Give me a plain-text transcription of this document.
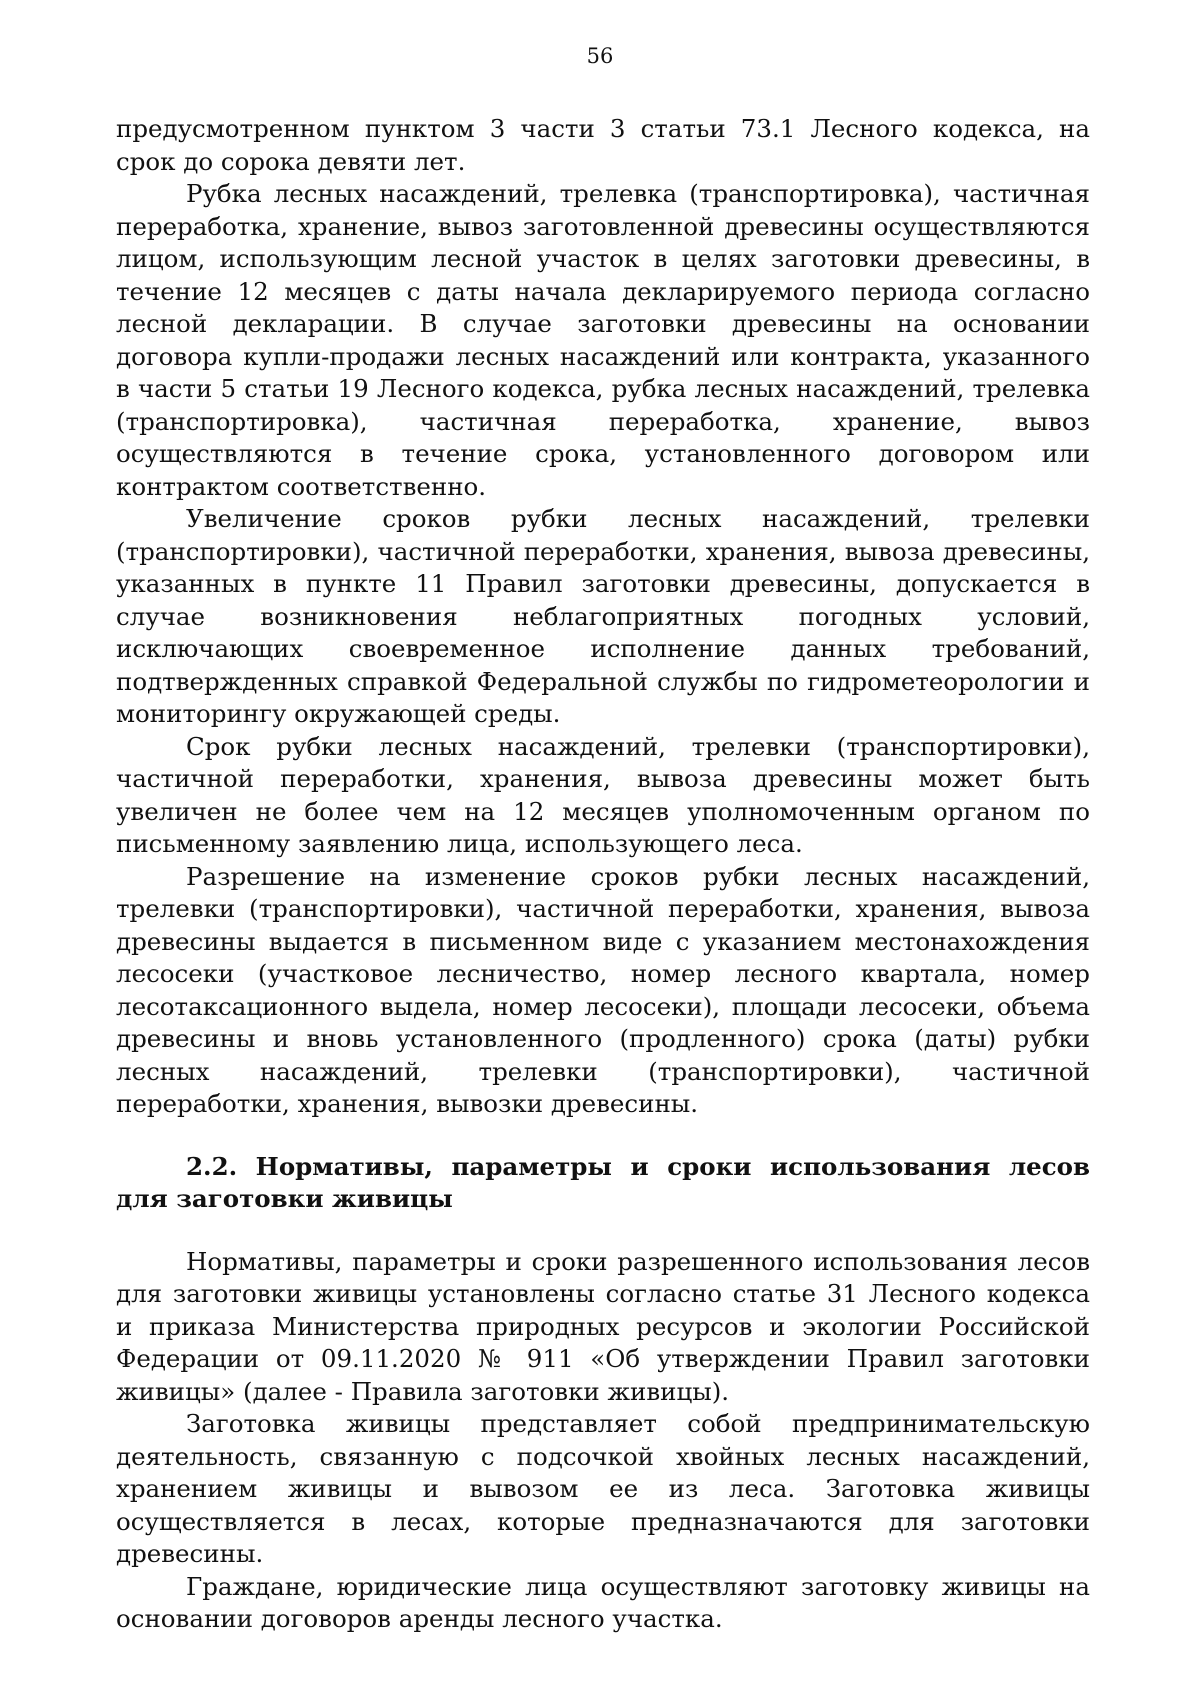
56

предусмотренном пунктом 3 части 3 статьи 73.1 Лесного кодекса, на срок до сорока девяти лет.

Рубка лесных насаждений, трелевка (транспортировка), частичная переработка, хранение, вывоз заготовленной древесины осуществляются лицом, использующим лесной участок в целях заготовки древесины, в течение 12 месяцев с даты начала декларируемого периода согласно лесной декларации. В случае заготовки древесины на основании договора купли-продажи лесных насаждений или контракта, указанного в части 5 статьи 19 Лесного кодекса, рубка лесных насаждений, трелевка (транспортировка), частичная переработка, хранение, вывоз осуществляются в течение срока, установленного договором или контрактом соответственно.

Увеличение сроков рубки лесных насаждений, трелевки (транспортировки), частичной переработки, хранения, вывоза древесины, указанных в пункте 11 Правил заготовки древесины, допускается в случае возникновения неблагоприятных погодных условий, исключающих своевременное исполнение данных требований, подтвержденных справкой Федеральной службы по гидрометеорологии и мониторингу окружающей среды.

Срок рубки лесных насаждений, трелевки (транспортировки), частичной переработки, хранения, вывоза древесины может быть увеличен не более чем на 12 месяцев уполномоченным органом по письменному заявлению лица, использующего леса.

Разрешение на изменение сроков рубки лесных насаждений, трелевки (транспортировки), частичной переработки, хранения, вывоза древесины выдается в письменном виде с указанием местонахождения лесосеки (участковое лесничество, номер лесного квартала, номер лесотаксационного выдела, номер лесосеки), площади лесосеки, объема древесины и вновь установленного (продленного) срока (даты) рубки лесных насаждений, трелевки (транспортировки), частичной переработки, хранения, вывозки древесины.

2.2. Нормативы, параметры и сроки использования лесов для заготовки живицы

Нормативы, параметры и сроки разрешенного использования лесов для заготовки живицы установлены согласно статье 31 Лесного кодекса и приказа Министерства природных ресурсов и экологии Российской Федерации от 09.11.2020 № 911 «Об утверждении Правил заготовки живицы» (далее - Правила заготовки живицы).

Заготовка живицы представляет собой предпринимательскую деятельность, связанную с подсочкой хвойных лесных насаждений, хранением живицы и вывозом ее из леса. Заготовка живицы осуществляется в лесах, которые предназначаются для заготовки древесины.

Граждане, юридические лица осуществляют заготовку живицы на основании договоров аренды лесного участка.
